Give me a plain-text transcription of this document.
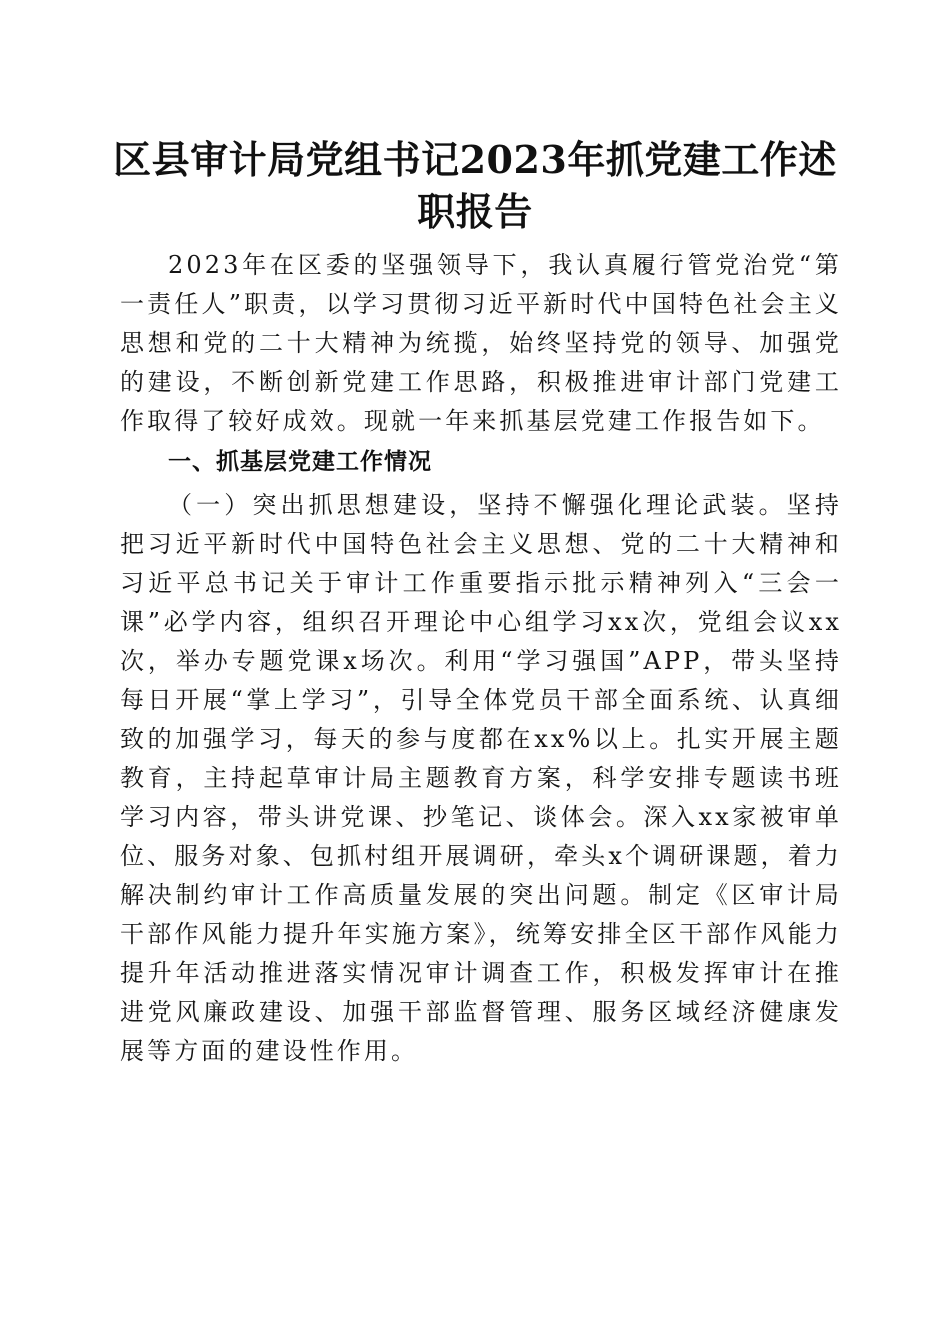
区县审计局党组书记2023年抓党建工作述职报告

2023年在区委的坚强领导下，我认真履行管党治党“第一责任人”职责，以学习贯彻习近平新时代中国特色社会主义思想和党的二十大精神为统揽，始终坚持党的领导、加强党的建设，不断创新党建工作思路，积极推进审计部门党建工作取得了较好成效。现就一年来抓基层党建工作报告如下。

一、抓基层党建工作情况

（一）突出抓思想建设，坚持不懈强化理论武装。坚持把习近平新时代中国特色社会主义思想、党的二十大精神和习近平总书记关于审计工作重要指示批示精神列入“三会一课”必学内容，组织召开理论中心组学习xx次，党组会议xx次，举办专题党课x场次。利用“学习强国”APP，带头坚持每日开展“掌上学习”，引导全体党员干部全面系统、认真细致的加强学习，每天的参与度都在xx%以上。扎实开展主题教育，主持起草审计局主题教育方案，科学安排专题读书班学习内容，带头讲党课、抄笔记、谈体会。深入xx家被审单位、服务对象、包抓村组开展调研，牵头x个调研课题，着力解决制约审计工作高质量发展的突出问题。制定《区审计局干部作风能力提升年实施方案》，统筹安排全区干部作风能力提升年活动推进落实情况审计调查工作，积极发挥审计在推进党风廉政建设、加强干部监督管理、服务区域经济健康发展等方面的建设性作用。
